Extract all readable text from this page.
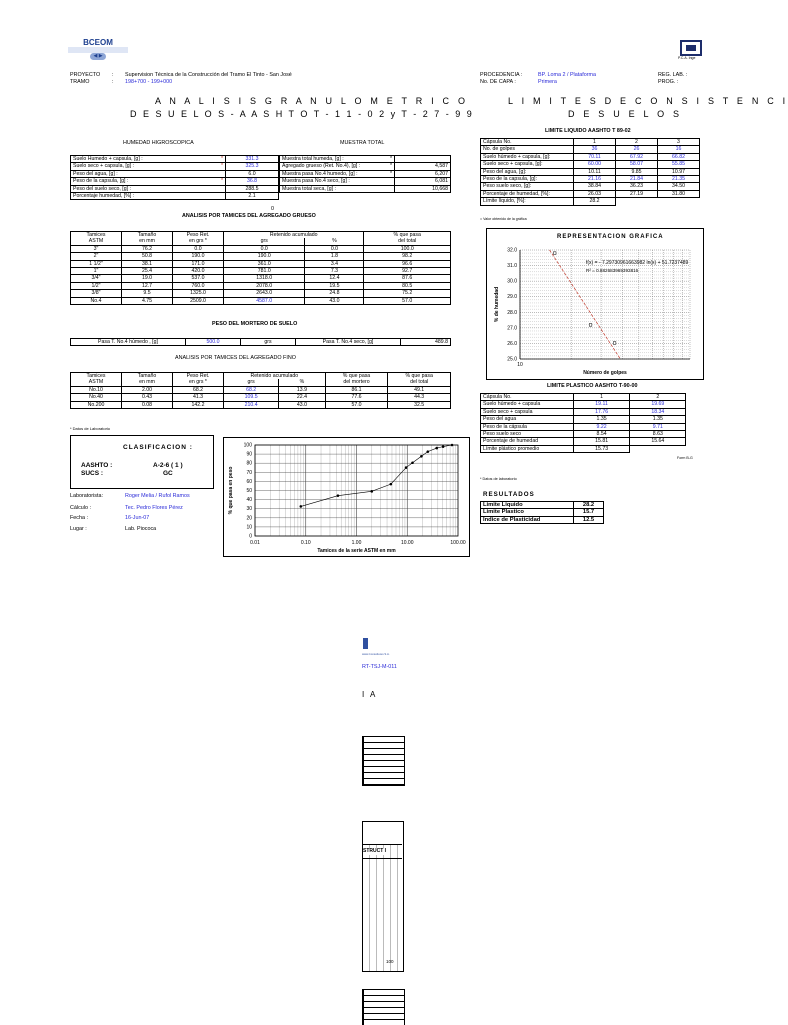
BCEOM
◀ ▶	P.C.A. Inge
PROYECTO : Supervision Técnica de la Construcción del Tramo El Tinto - San José
TRAMO	: 198+700 - 199+000
PROCEDENCIA :	BP. Loma 2 / Plataforma
No. DE CAPA :	Primera
REG. LAB. :
PROG. :
A N A L I S I S G R A N U L O M E T R I C O
D E S U E L O S - A A S H T O T - 1 1 - 0 2 y T - 2 7 - 9 9
HUMEDAD HIGROSCOPICA	MUESTRA TOTAL
Suelo Humedo + capsula, [g] :	*	331.3
Suelo seco + capsula, [g] :	*	325.3
Peso del agua, [g] :		6.0
Peso de la capsula, [g] :	*	36.8
Peso del suelo seco, [g] :		288.5
Porcentaje humedad, [%] :		2.1
Muestra total humeda, [g] :	*	
Agregado grueso (Ret. No.4), [g] :	*	4,587
Muestra pasa No.4 humedo, [g] :	*	6,207
Muestra pasa No.4 seco, [g] :		6,081
Muestra total seca, [g] :		10,668
0
ANALISIS POR TAMICES DEL AGREGADO GRUESO
Tamices	Tamaño	Peso Ret.	Retenido acumulado		% que pasa
ASTM	en mm	en grs *	grs	%	del total
3"	76.2	0.0	0.0	0.0	100.0
2"	50.8	190.0	190.0	1.8	98.2
1 1/2"	38.1	171.0	361.0	3.4	96.6
1"	25.4	420.0	781.0	7.3	92.7
3/4"	19.0	537.0	1318.0	12.4	87.6
1/2"	12.7	760.0	2078.0	19.5	80.5
3/8"	9.5	1325.0	2643.0	24.8	75.2
No.4	4.75	2509.0	4587.0	43.0	57.0
PESO DEL MORTERO DE SUELO
Pasa T. No.4 húmedo , [g]	500.0	grs	Pasa T. No.4 seco, [g]	489.8
ANALISIS POR TAMICES DEL AGREGADO FINO
Tamices	Tamaño	Peso Ret.	Retenido acumulado		% que pasa	% que pasa
ASTM	en mm	en grs *	grs	%	del mortero	del total
No.10	2.00	68.2	68.2	13.9	86.1	49.1
No.40	0.43	41.3	109.5	22.4	77.6	44.3
No.200	0.08	142.2	210.4	43.0	57.0	32.5
* Datos de Laboratorio
CLASIFICACION :
AASHTO :	A-2-6 ( 1 )
SUCS :	GC
Laboratorista:	Roger Melia / Rufol Ramos
Cálculo :	Tec. Pedro Flores Pérez
Fecha :	16-Jun-07
Lugar :	Lab. Piococa
0
10
20
30
40
50
60
70
80
90
100
0.01	0.10	1.00	10.00	100.00
Tamices de la serie ASTM en mm
% que pasa en peso
L I M I T E S D E C O N S I S T E N C I
D E S U E L O S
LIMITE LIQUIDO AASHTO T 89-02
Cápsula No.	1	2	3
No. de golpes	36	26	16
Suelo húmedo + capsula, [g]:	70.11	67.92	66.82
Suelo seco + capsula, [g]:	60.00	58.07	55.85
Peso del agua, [g]:	10.11	9.85	10.97
Peso de la capsula, [g]:	21.16	21.84	21.35
Peso suelo seco, [g]:	38.84	36.23	34.50
Porcentaje de humedad, [%]:	26.03	27.19	31.80
Límite líquido, [%]:	28.2		
= Valor obtenido de la gráfica
REPRESENTACION GRAFICA
25.0
26.0
27.0
28.0
29.0
30.0
31.0
32.0
10
Número de golpes
% de humedad
f(x) = - 7.29730961663982 ln(x) + 51.7237489
R² = 0.882683969393816
LIMITE PLASTICO AASHTO T-90-00
Cápsula No.	1	2	
Suelo húmedo + capsula	19.11	19.69	
Suelo seco + capsula	17.76	18.34	
Peso del agua	1.35	1.35	
Peso de la cápsula	9.22	9.71	
Peso suelo seco	8.54	8.63	
Porcentaje de humedad	15.81	15.64	
Límite plástico promedio	15.73		
Form B-G
* Datos de laboratorio
RESULTADOS
Limite Liquido	28.2
Limite Plastico	15.7
Indice de Plasticidad	12.5
www.Consultores S.A.
RT-TSJ-M-011
I A
STRUCT I
100
